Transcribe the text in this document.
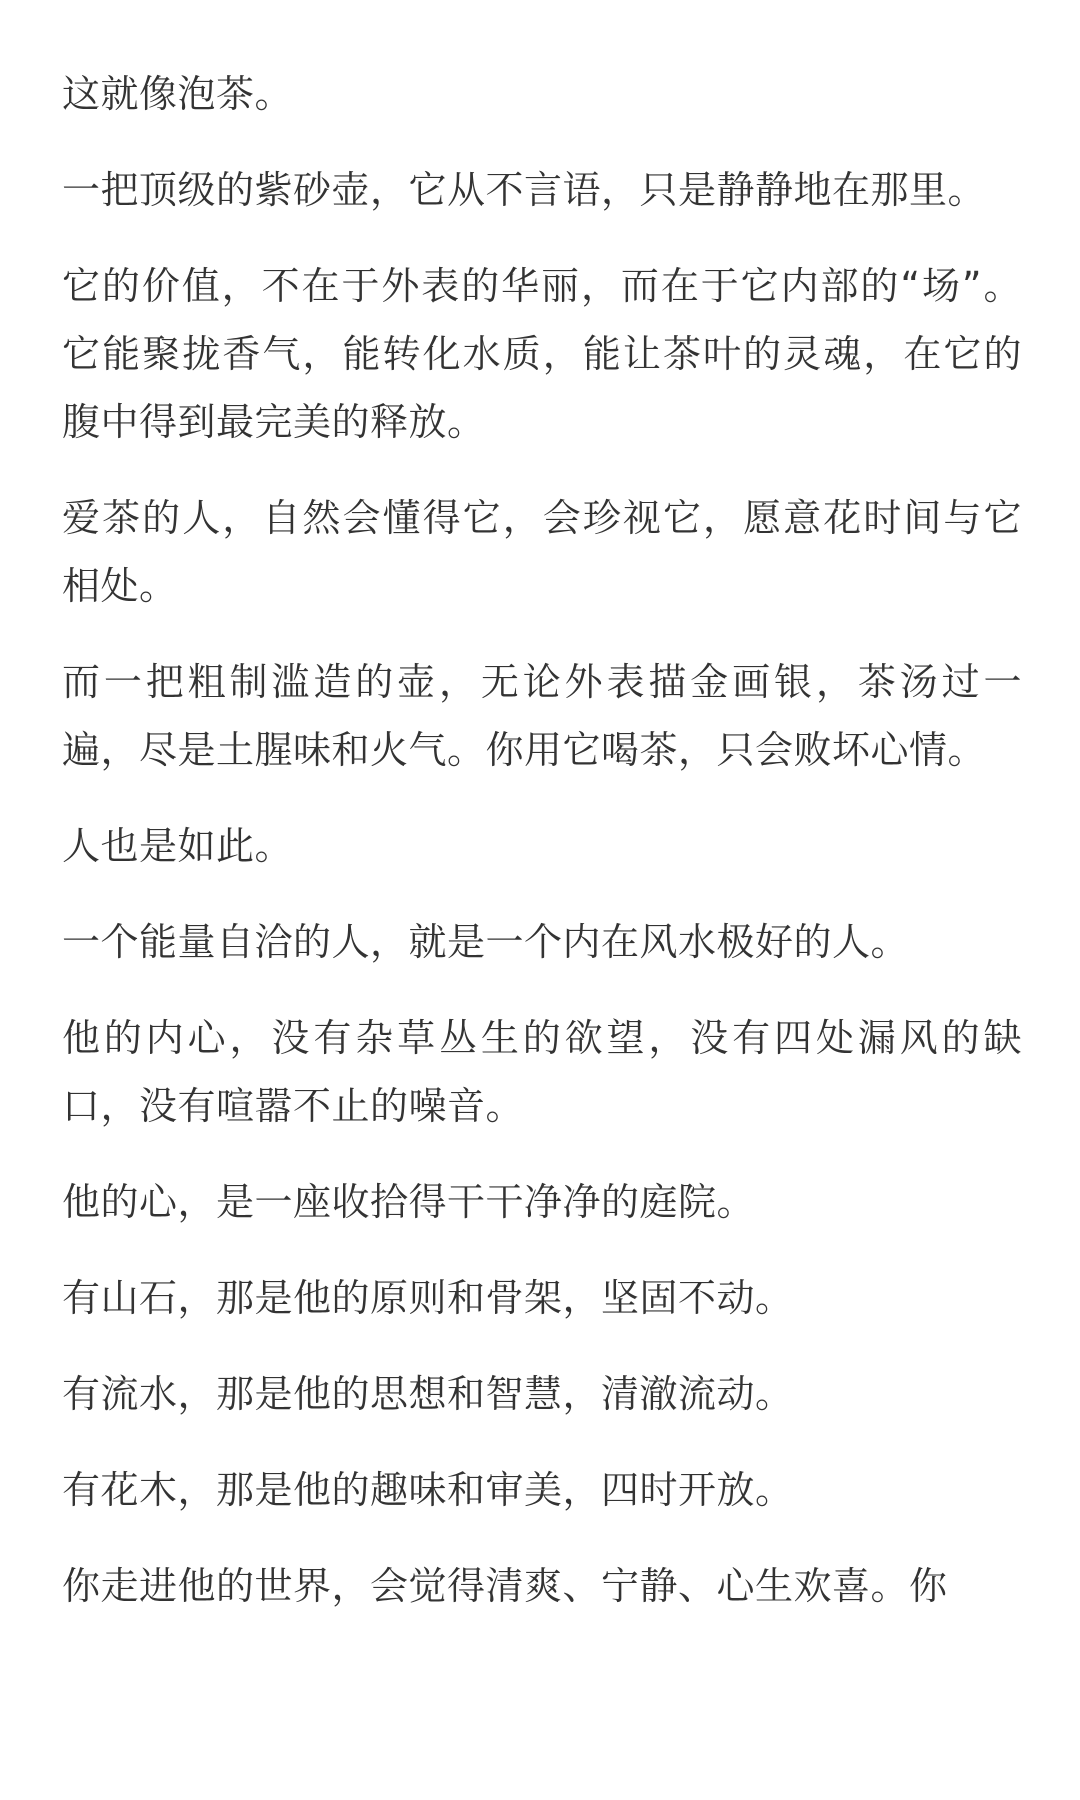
这就像泡茶。

一把顶级的紫砂壶，它从不言语，只是静静地在那里。

它的价值，不在于外表的华丽，而在于它内部的“场”。它能聚拢香气，能转化水质，能让茶叶的灵魂，在它的腹中得到最完美的释放。

爱茶的人，自然会懂得它，会珍视它，愿意花时间与它相处。

而一把粗制滥造的壶，无论外表描金画银，茶汤过一遍，尽是土腥味和火气。你用它喝茶，只会败坏心情。

人也是如此。

一个能量自洽的人，就是一个内在风水极好的人。

他的内心，没有杂草丛生的欲望，没有四处漏风的缺口，没有喧嚣不止的噪音。

他的心，是一座收拾得干干净净的庭院。

有山石，那是他的原则和骨架，坚固不动。

有流水，那是他的思想和智慧，清澈流动。

有花木，那是他的趣味和审美，四时开放。

你走进他的世界，会觉得清爽、宁静、心生欢喜。你
